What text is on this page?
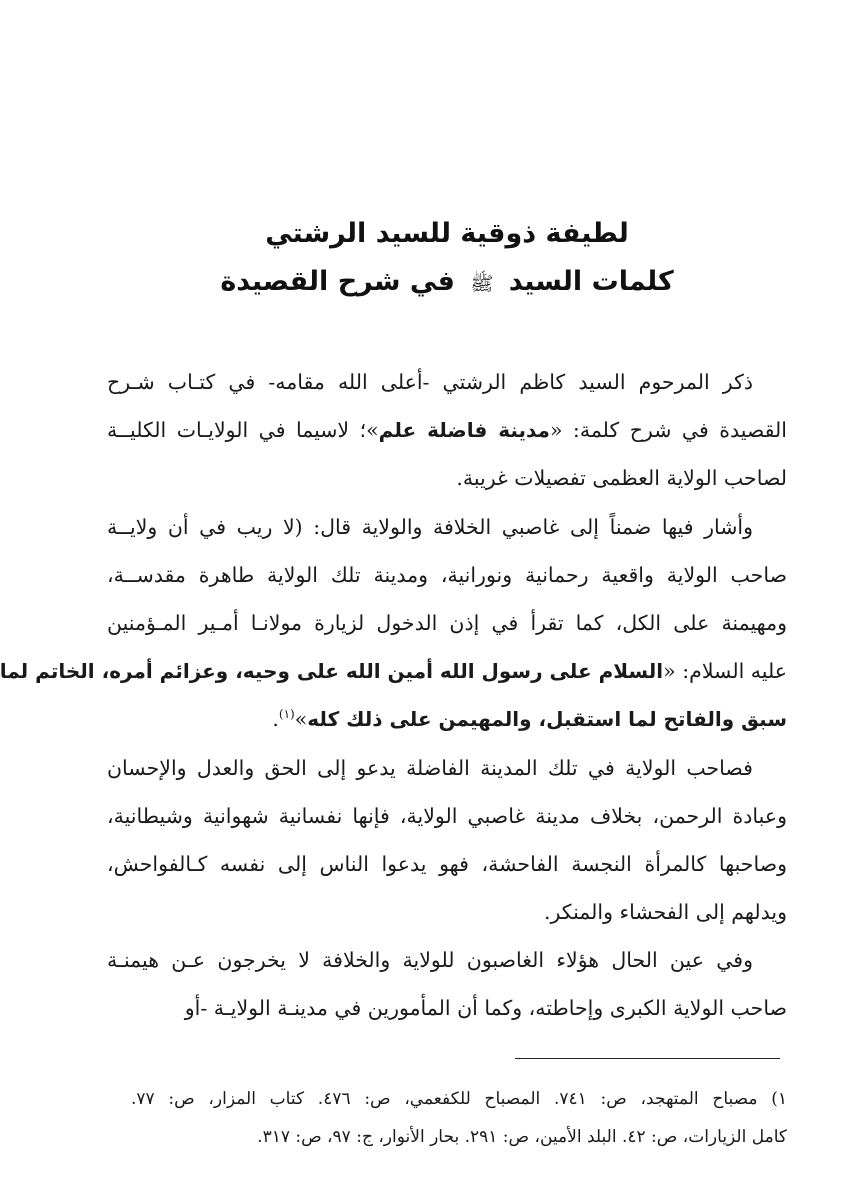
لطيفة ذوقية للسيد الرشتي
كلمات السيد ﷺ في شرح القصيدة
ذكر المرحوم السيد كاظم الرشتي -أعلى الله مقامه- في كتـاب شـرح
القصيدة في شرح كلمة: «مدينة فاضلة علم»؛ لاسيما في الولايـات الكليــة
لصاحب الولاية العظمى تفصيلات غريبة.
وأشار فيها ضمناً إلى غاصبي الخلافة والولاية قال: (لا ريب في أن ولايــة
صاحب الولاية واقعية رحمانية ونورانية، ومدينة تلك الولاية طاهرة مقدســة،
ومهيمنة على الكل، كما تقرأ في إذن الدخول لزيارة مولانـا أمـير المـؤمنين
عليه السلام: «السلام على رسول الله أمين الله على وحيه، وعزائم أمره، الخاتم لما
سبق والفاتح لما استقبل، والمهيمن على ذلك كله»$^{(١)}$.
فصاحب الولاية في تلك المدينة الفاضلة يدعو إلى الحق والعدل والإحسان
وعبادة الرحمن، بخلاف مدينة غاصبي الولاية، فإنها نفسانية شهوانية وشيطانية،
وصاحبها كالمرأة النجسة الفاحشة، فهو يدعوا الناس إلى نفسه كـالفواحش،
ويدلهم إلى الفحشاء والمنكر.
وفي عين الحال هؤلاء الغاصبون للولاية والخلافة لا يخرجون عـن هيمنـة
صاحب الولاية الكبرى وإحاطته، وكما أن المأمورين في مدينـة الولايـة -أو
١) مصباح المتهجد، ص: ٧٤١. المصباح للكفعمي، ص: ٤٧٦. كتاب المزار، ص: ٧٧.
كامل الزيارات، ص: ٤٢. البلد الأمين، ص: ٢٩١. بحار الأنوار، ج: ٩٧، ص: ٣١٧.
